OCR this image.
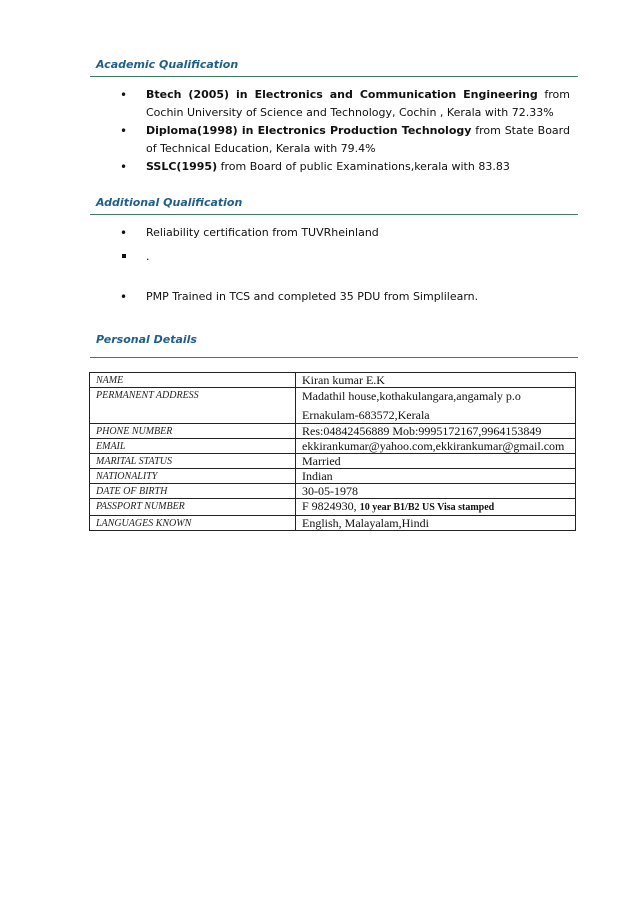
Academic Qualification
• Btech (2005) in Electronics and Communication Engineering from Cochin University of Science and Technology, Cochin , Kerala with 72.33%
• Diploma(1998) in Electronics Production Technology from State Board of Technical Education, Kerala with 79.4%
• SSLC(1995) from Board of public Examinations,kerala with 83.83
Additional Qualification
• Reliability certification from TUVRheinland
.
• PMP Trained in TCS and completed 35 PDU from Simplilearn.
Personal Details
NAME	Kiran kumar E.K
PERMANENT ADDRESS	Madathil house,kothakulangara,angamaly p.o
Ernakulam-683572,Kerala

PHONE NUMBER	Res:04842456889 Mob:9995172167,9964153849
EMAIL	ekkirankumar@yahoo.com,ekkirankumar@gmail.com
MARITAL STATUS	Married
NATIONALITY	Indian
DATE OF BIRTH	30-05-1978
PASSPORT NUMBER	F 9824930, 10 year B1/B2 US Visa stamped
LANGUAGES KNOWN	English, Malayalam,Hindi
